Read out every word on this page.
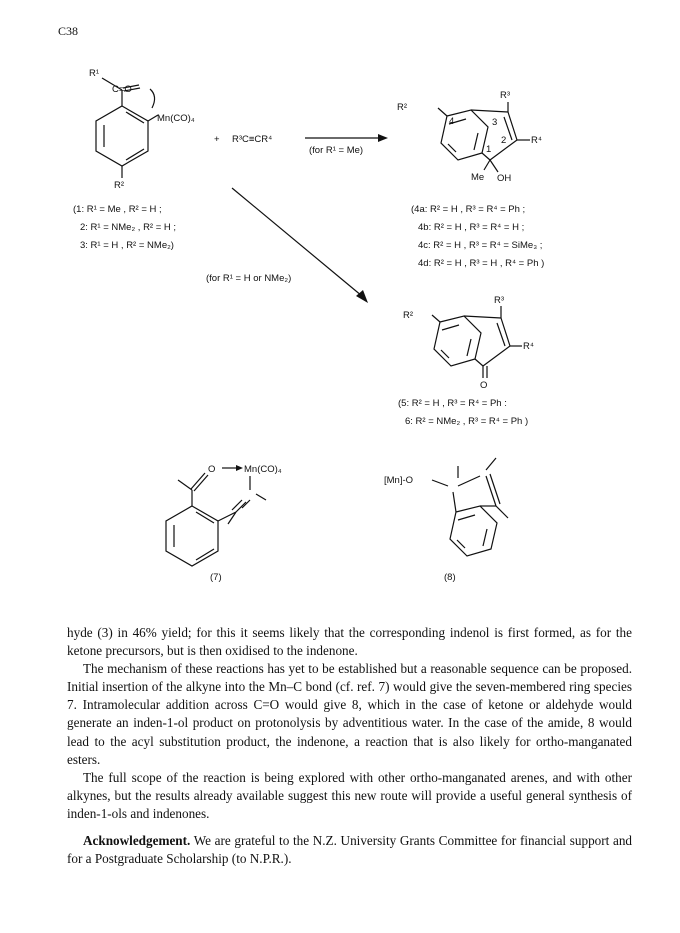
C38
R¹
C=O
Mn(CO)₄
R²
+ R³C≡CR⁴
(for R¹ = Me)
(for R¹ = H or NMe₂)
(1: R¹ = Me , R² = H ;
2: R¹ = NMe₂ , R² = H ;
3: R¹ = H , R² = NMe₂)
R²
R³
R⁴
Me OH
4	3
2
1
(4a: R² = H , R³ = R⁴ = Ph ;
4b: R² = H , R³ = R⁴ = H ;
4c: R² = H , R³ = R⁴ = SiMe₃ ;
4d: R² = H , R³ = H , R⁴ = Ph )
R²
R³
R⁴
O
(5: R² = H , R³ = R⁴ = Ph :
6: R² = NMe₂ , R³ = R⁴ = Ph )
O	Mn(CO)₄
(7)
[Mn]-O
(8)

hyde (3) in 46% yield; for this it seems likely that the corresponding indenol is first formed, as for the ketone precursors, but is then oxidised to the indenone.

The mechanism of these reactions has yet to be established but a reasonable sequence can be proposed. Initial insertion of the alkyne into the Mn–C bond (cf. ref. 7) would give the seven-membered ring species 7. Intramolecular addition across C=O would give 8, which in the case of ketone or aldehyde would generate an inden-1-ol product on protonolysis by adventitious water. In the case of the amide, 8 would lead to the acyl substitution product, the indenone, a reaction that is also likely for ortho-manganated esters.

The full scope of the reaction is being explored with other ortho-manganated arenes, and with other alkynes, but the results already available suggest this new route will provide a useful general synthesis of inden-1-ols and indenones.

Acknowledgement. We are grateful to the N.Z. University Grants Committee for financial support and for a Postgraduate Scholarship (to N.P.R.).
